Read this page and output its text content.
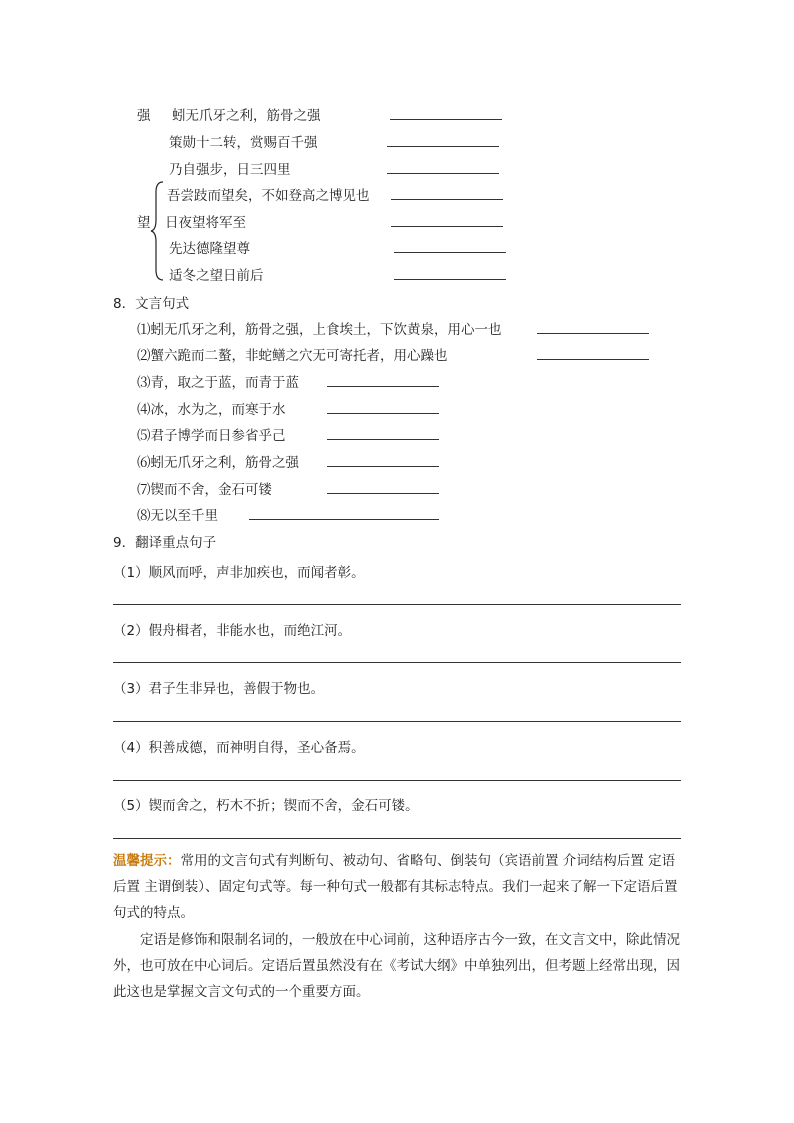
强 蚓无爪牙之利，筋骨之强
策勋十二转，赏赐百千强
乃自强步，日三四里
望
吾尝跂而望矣，不如登高之博见也
日夜望将军至
先达德隆望尊
适冬之望日前后
8．文言句式
⑴蚓无爪牙之利，筋骨之强，上食埃土，下饮黄泉，用心一也
⑵蟹六跪而二螯，非蛇鳝之穴无可寄托者，用心躁也
⑶青，取之于蓝，而青于蓝
⑷冰，水为之，而寒于水
⑸君子博学而日参省乎己
⑹蚓无爪牙之利，筋骨之强
⑺锲而不舍，金石可镂
⑻无以至千里
9．翻译重点句子
（1）顺风而呼，声非加疾也，而闻者彰。
（2）假舟楫者，非能水也，而绝江河。
（3）君子生非异也，善假于物也。
（4）积善成德，而神明自得，圣心备焉。
（5）锲而舍之，朽木不折；锲而不舍，金石可镂。
温馨提示：常用的文言句式有判断句、被动句、省略句、倒装句（宾语前置 介词结构后置 定语后置 主谓倒装）、固定句式等。每一种句式一般都有其标志特点。我们一起来了解一下定语后置句式的特点。
定语是修饰和限制名词的，一般放在中心词前，这种语序古今一致，在文言文中，除此情况外，也可放在中心词后。定语后置虽然没有在《考试大纲》中单独列出，但考题上经常出现，因此这也是掌握文言文句式的一个重要方面。
